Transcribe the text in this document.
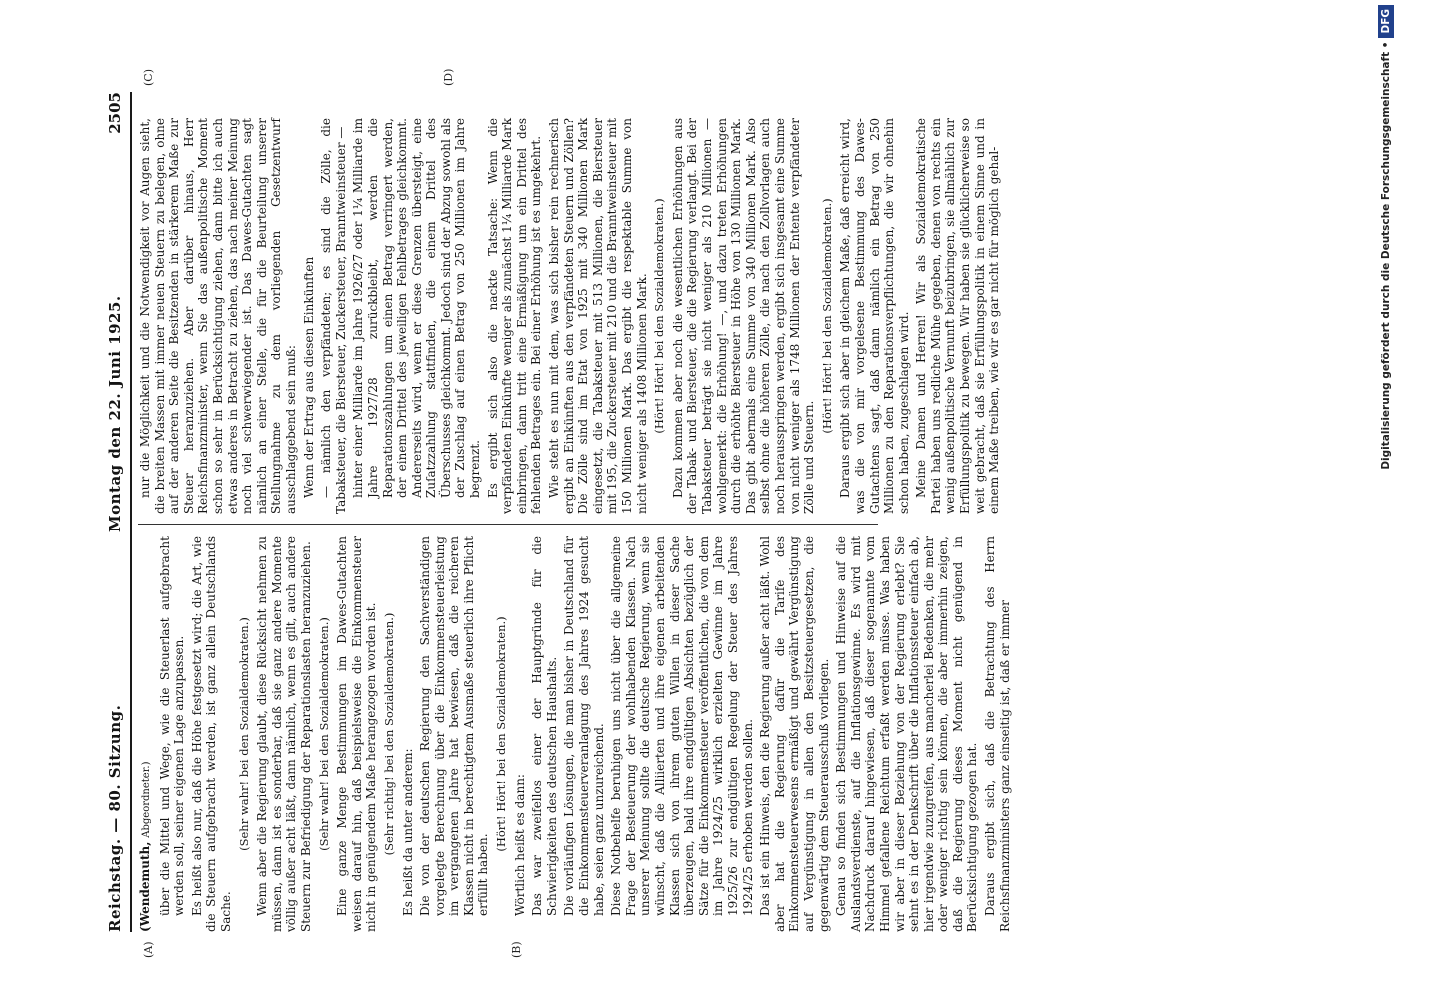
Reichstag. — 80. Sitzung.
Montag den 22. Juni 1925.
2505
(A)	(B)
(C)	(D)

(Wendemuth, Abgeordneter.) über die Mittel und Wege, wie die Steuerlast aufgebracht werden soll, seiner eigenen Lage anzupassen. Es heißt also nur, daß die Höhe festgesetzt wird; die Art, wie die Steuern aufgebracht werden, ist ganz allein Deutschlands Sache.

(Sehr wahr! bei den Sozialdemokraten.) Wenn aber die Regierung glaubt, diese Rücksicht nehmen zu müssen, dann ist es sonderbar, daß sie ganz andere Momente völlig außer acht läßt, dann nämlich, wenn es gilt, auch andere Steuern zur Befriedigung der Reparationslasten heranzuziehen. (Sehr wahr! bei den Sozialdemokraten.) Eine ganze Menge Bestimmungen im Dawes-Gutachten weisen darauf hin, daß beispielsweise die Einkommensteuer nicht in genügendem Maße herangezogen worden ist. (Sehr richtig! bei den Sozialdemokraten.) Es heißt da unter anderem: Die von der deutschen Regierung den Sachverständigen vorgelegte Berechnung über die Einkommensteuerleistung im vergangenen Jahre hat bewiesen, daß die reicheren Klassen nicht in berechtigtem Ausmaße steuerlich ihre Pflicht erfüllt haben.

(Hört! Hört! bei den Sozialdemokraten.) Wörtlich heißt es dann: Das war zweifellos einer der Hauptgründe für die Schwierigkeiten des deutschen Haushalts. Die vorläufigen Lösungen, die man bisher in Deutschland für die Einkommensteuerveranlagung des Jahres 1924 gesucht habe, seien ganz unzureichend. Diese Notbehelfe beruhigen uns nicht über die allgemeine Frage der Besteuerung der wohlhabenden Klassen. Nach unserer Meinung sollte die deutsche Regierung, wenn sie wünscht, daß die Alliierten und ihre eigenen arbeitenden Klassen sich von ihrem guten Willen in dieser Sache überzeugen, bald ihre endgültigen Absichten bezüglich der Sätze für die Einkommensteuer veröffentlichen, die von dem im Jahre 1924/25 wirklich erzielten Gewinne im Jahre 1925/26 zur endgültigen Regelung der Steuer des Jahres 1924/25 erhoben werden sollen. Das ist ein Hinweis, den die Regierung außer acht läßt. Wohl aber hat die Regierung dafür die Tarife des Einkommensteuerwesens ermäßigt und gewährt Vergünstigung auf Vergünstigung in allen den Besitzsteuergesetzen, die gegenwärtig dem Steuerausschuß vorliegen. Genau so finden sich Bestimmungen und Hinweise auf die Auslandsverdienste, auf die Inflationsgewinne. Es wird mit Nachdruck darauf hingewiesen, daß dieser sogenannte vom Himmel gefallene Reichtum erfaßt werden müsse. Was haben wir aber in dieser Beziehung von der Regierung erlebt? Sie sehnt es in der Denkschrift über die Inflationssteuer einfach ab, hier irgendwie zuzugreifen, aus mancherlei Bedenken, die mehr oder weniger richtig sein können, die aber immerhin zeigen, daß die Regierung dieses Moment nicht genügend in Berücksichtigung gezogen hat. Daraus ergibt sich, daß die Betrachtung des Herrn Reichsfinanzministers ganz einseitig ist, daß er immer

nur die Möglichkeit und die Notwendigkeit vor Augen sieht, die breiten Massen mit immer neuen Steuern zu belegen, ohne auf der anderen Seite die Besitzenden in stärkerem Maße zur Steuer heranzuziehen. Aber darüber hinaus, Herr Reichsfinanzminister, wenn Sie das außenpolitische Moment schon so sehr in Berücksichtigung ziehen, dann bitte ich auch etwas anderes in Betracht zu ziehen, das nach meiner Meinung noch viel schwerwiegender ist. Das Dawes-Gutachten sagt nämlich an einer Stelle, die für die Beurteilung unserer Stellungnahme zu dem vorliegenden Gesetzentwurf ausschlaggebend sein muß: Wenn der Ertrag aus diesen Einkünften — nämlich den verpfändeten; es sind die Zölle, die Tabaksteuer, die Biersteuer, Zuckersteuer, Branntweinsteuer — hinter einer Milliarde im Jahre 1926/27 oder 1¼ Milliarde im Jahre 1927/28 zurückbleibt, werden die Reparationszahlungen um einen Betrag verringert werden, der einem Drittel des jeweiligen Fehlbetrages gleichkommt. Andererseits wird, wenn er diese Grenzen übersteigt, eine Zuſatzzahlung stattfinden, die einem Drittel des Überschusses gleichkommt. Jedoch sind der Abzug sowohl als der Zuschlag auf einen Betrag von 250 Millionen im Jahre begrenzt. Es ergibt sich also die nackte Tatsache: Wenn die verpfändeten Einkünfte weniger als zunächst 1¼ Milliarde Mark einbringen, dann tritt eine Ermäßigung um ein Drittel des fehlenden Betrages ein. Bei einer Erhöhung ist es umgekehrt. Wie steht es nun mit dem, was sich bisher rein rechnerisch ergibt an Einkünften aus den verpfändeten Steuern und Zöllen? Die Zölle sind im Etat von 1925 mit 340 Millionen Mark eingesetzt, die Tabaksteuer mit 513 Millionen, die Biersteuer mit 195, die Zuckersteuer mit 210 und die Branntweinsteuer mit 150 Millionen Mark. Das ergibt die respektable Summe von nicht weniger als 1408 Millionen Mark. (Hört! Hört! bei den Sozialdemokraten.) Dazu kommen aber noch die wesentlichen Erhöhungen aus der Tabak- und Biersteuer, die die Regierung verlangt. Bei der Tabaksteuer beträgt sie nicht weniger als 210 Millionen — wohlgemerkt: die Erhöhung! —, und dazu treten Erhöhungen durch die erhöhte Biersteuer in Höhe von 130 Millionen Mark. Das gibt abermals eine Summe von 340 Millionen Mark. Also selbst ohne die höheren Zölle, die nach den Zollvorlagen auch noch herausspringen werden, ergibt sich insgesamt eine Summe von nicht weniger als 1748 Millionen der Entente verpfändeter Zölle und Steuern.

(Hört! Hört! bei den Sozialdemokraten.) Daraus ergibt sich aber in gleichem Maße, daß erreicht wird, was die von mir vorgelesene Bestimmung des Dawes-Gutachtens sagt, daß dann nämlich ein Betrag von 250 Millionen zu den Reparationsverpflichtungen, die wir ohnehin schon haben, zugeschlagen wird. Meine Damen und Herren! Wir als Sozialdemokratische Partei haben uns redliche Mühe gegeben, denen von rechts ein wenig außenpolitische Vernunft beizubringen, sie allmählich zur Erfüllungspolitik zu bewegen. Wir haben sie glücklicherweise so weit gebracht, daß sie Erfüllungspolitik in einem Sinne und in einem Maße treiben, wie wir es gar nicht für möglich gehal-	Digitalisierung gefördert durch die Deutsche Forschungsgemeinschaft •DFG
